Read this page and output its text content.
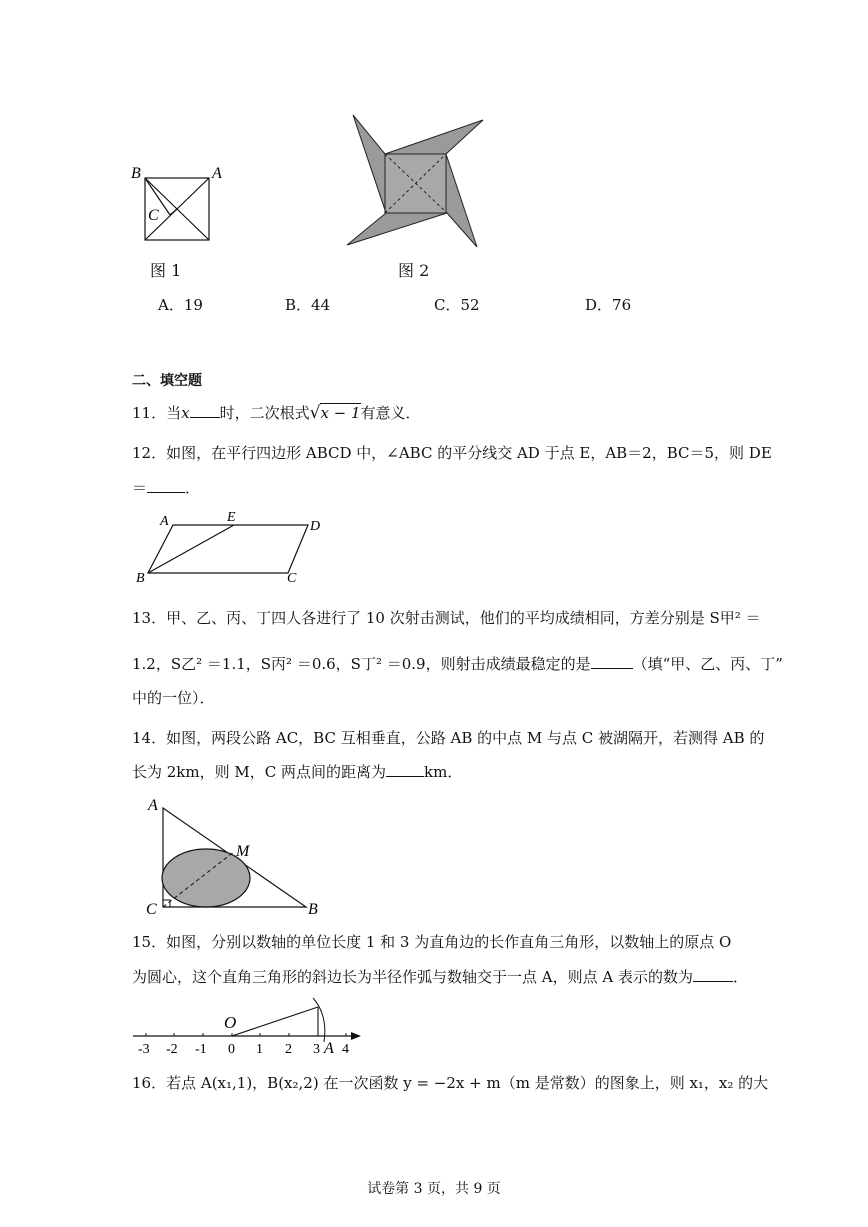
B	A
C
图 1	图 2
A．19	B．44	C．52	D．76
二、填空题
11．当x 时，二次根式√x − 1有意义．
12．如图，在平行四边形 ABCD 中，∠ABC 的平分线交 AD 于点 E，AB＝2，BC＝5，则 DE
＝	．
A	E
D
B	C
13．甲、乙、丙、丁四人各进行了 10 次射击测试，他们的平均成绩相同，方差分别是 S甲² ＝
1.2，S乙² ＝1.1，S丙² ＝0.6，S丁² ＝0.9，则射击成绩最稳定的是	（填“甲、乙、丙、丁”
中的一位）．
14．如图，两段公路 AC，BC 互相垂直，公路 AB 的中点 M 与点 C 被湖隔开，若测得 AB 的
长为 2km，则 M，C 两点间的距离为	km．
A
M
C	B
15．如图，分别以数轴的单位长度 1 和 3 为直角边的长作直角三角形，以数轴上的原点 O
为圆心，这个直角三角形的斜边长为半径作弧与数轴交于一点 A，则点 A 表示的数为	．
O
-3 -2 -1 0 1 2 3 4
A
16．若点 A(x₁,1)，B(x₂,2) 在一次函数 y = −2x + m（m 是常数）的图象上，则 x₁，x₂ 的大
试卷第 3 页，共 9 页
